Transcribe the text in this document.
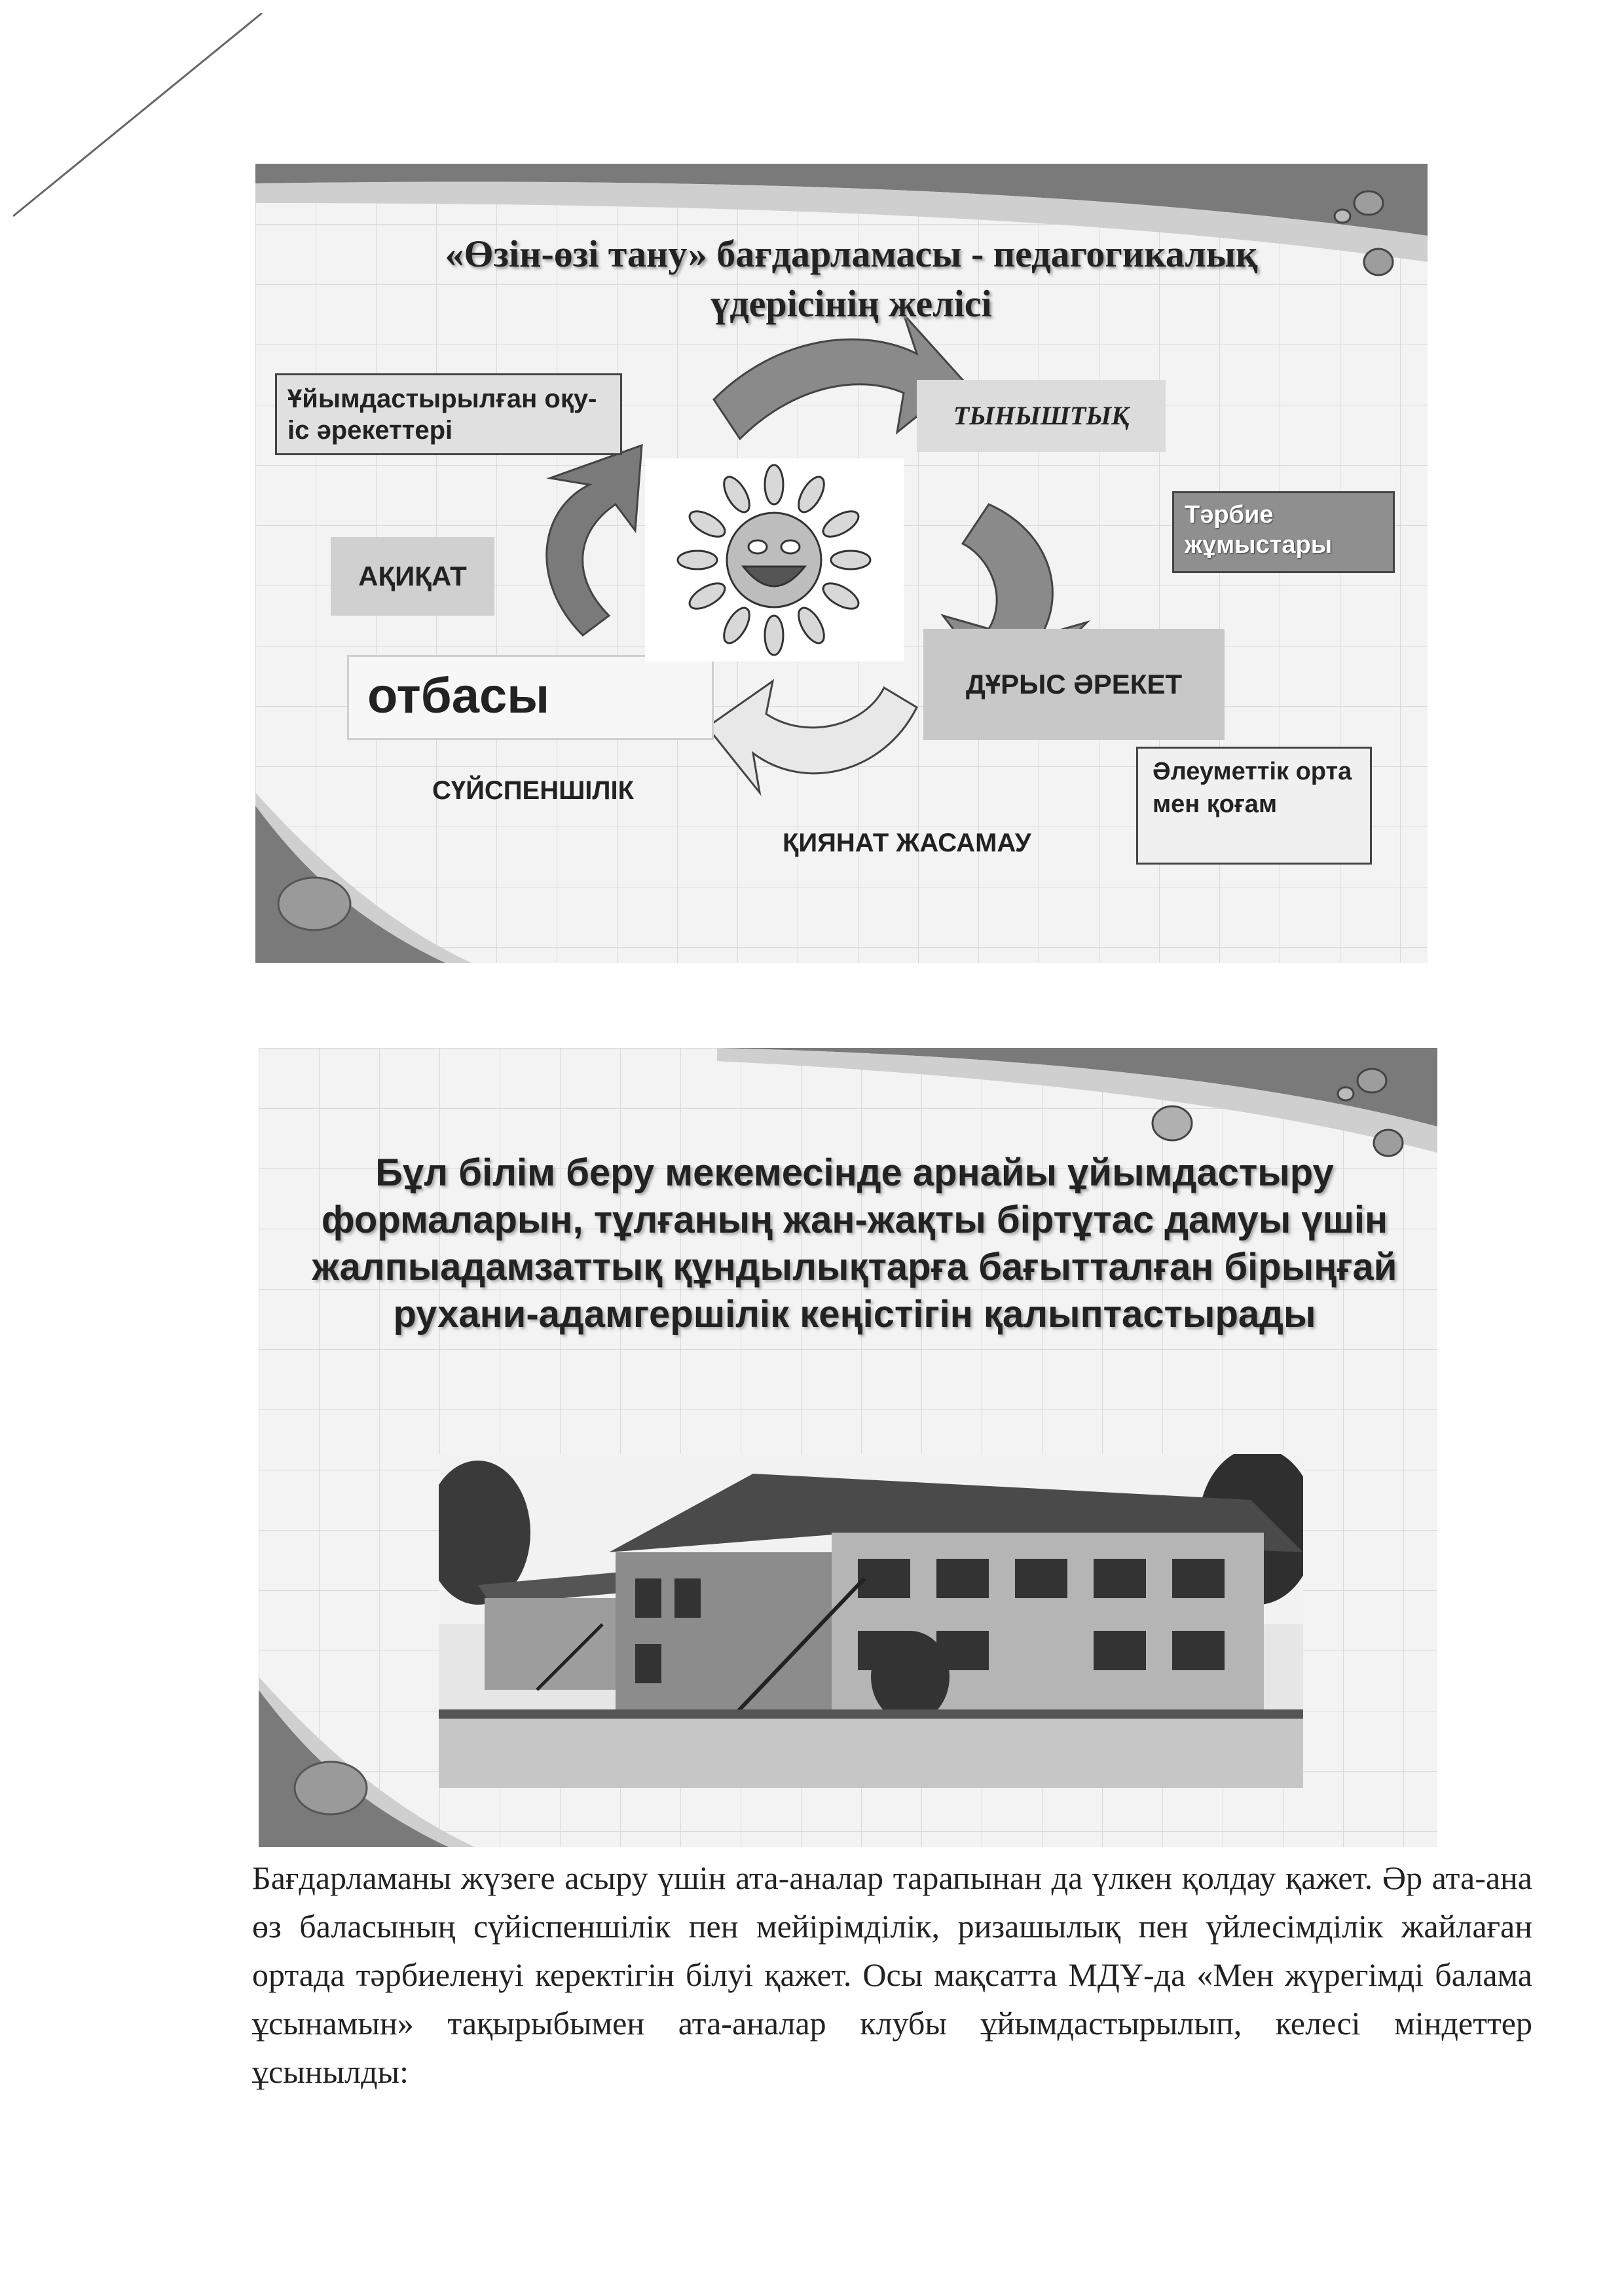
«Өзін-өзі тану» бағдарламасы - педагогикалық үдерісінің желісі
Ұйымдастырылған оқу-іс әрекеттері	ТЫНЫШТЫҚ
Тәрбие жұмыстары
АҚИҚАТ
отбасы	ДҰРЫС ӘРЕКЕТ
Әлеуметтік орта мен қоғам
СҮЙСПЕНШІЛІК
ҚИЯНАТ ЖАСАМАУ
Бұл білім беру мекемесінде арнайы ұйымдастыру формаларын, тұлғаның жан-жақты біртұтас дамуы үшін жалпыадамзаттық құндылықтарға бағытталған бірыңғай рухани-адамгершілік кеңістігін қалыптастырады
Бағдарламаны жүзеге асыру үшін ата-аналар тарапынан да үлкен қолдау қажет. Әр ата-ана өз баласының сүйіспеншілік пен мейірімділік, ризашылық пен үйлесімділік жайлаған ортада тәрбиеленуі керектігін білуі қажет. Осы мақсатта МДҰ-да «Мен жүрегімді балама ұсынамын» тақырыбымен ата-аналар клубы ұйымдастырылып, келесі міндеттер ұсынылды:
